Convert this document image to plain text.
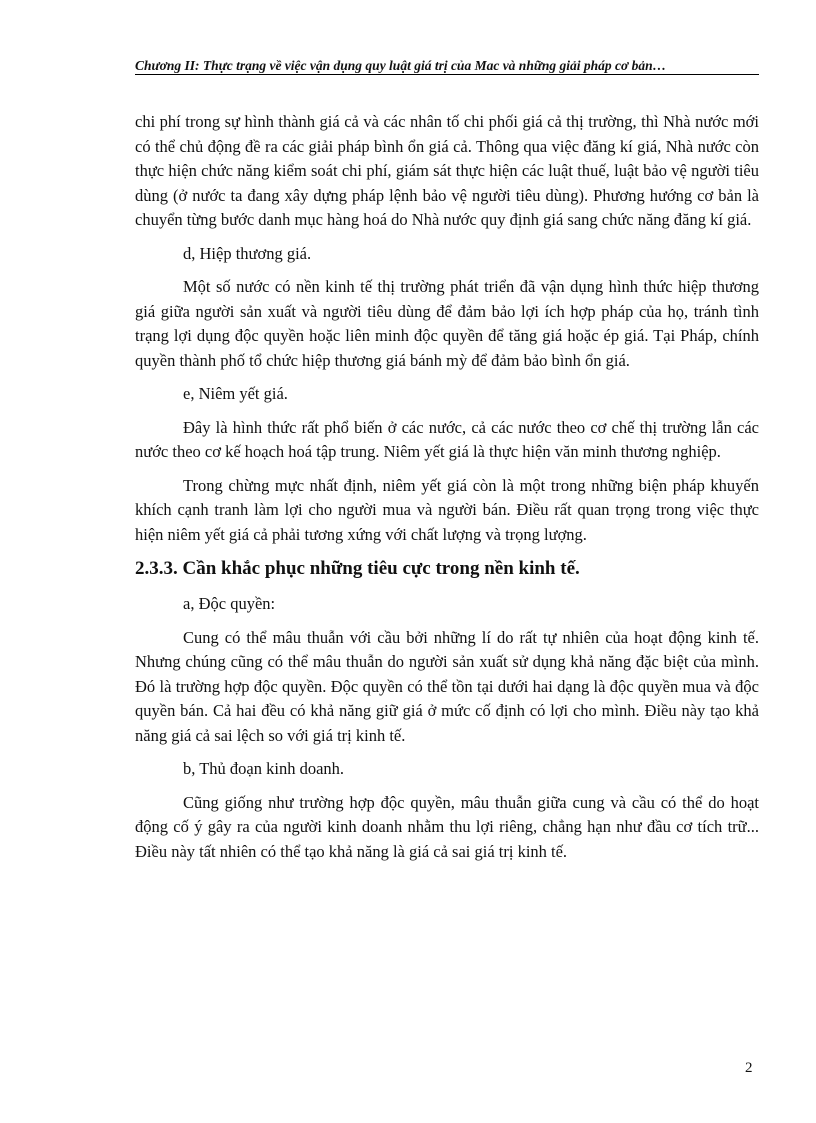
Chương II: Thực trạng về việc vận dụng quy luật giá trị của Mac và những giải pháp cơ bản…

chi phí trong sự hình thành giá cả và các nhân tố chi phối giá cả thị trường, thì Nhà nước mới có thể chủ động đề ra các giải pháp bình ổn giá cả. Thông qua việc đăng kí giá, Nhà nước còn thực hiện chức năng kiểm soát chi phí, giám sát thực hiện các luật thuế, luật bảo vệ người tiêu dùng (ở nước ta đang xây dựng pháp lệnh bảo vệ người tiêu dùng). Phương hướng cơ bản là chuyển từng bước danh mục hàng hoá do Nhà nước quy định giá sang chức năng đăng kí giá.

d, Hiệp thương giá.

Một số nước có nền kinh tế thị trường phát triển đã vận dụng hình thức hiệp thương giá giữa người sản xuất và người tiêu dùng để đảm bảo lợi ích hợp pháp của họ, tránh tình trạng lợi dụng độc quyền hoặc liên minh độc quyền để tăng giá hoặc ép giá. Tại Pháp, chính quyền thành phố tổ chức hiệp thương giá bánh mỳ để đảm bảo bình ổn giá.

e, Niêm yết giá.

Đây là hình thức rất phổ biến ở các nước, cả các nước theo cơ chế thị trường lẫn các nước theo cơ kế hoạch hoá tập trung. Niêm yết giá là thực hiện văn minh thương nghiệp.

Trong chừng mực nhất định, niêm yết giá còn là một trong những biện pháp khuyến khích cạnh tranh làm lợi cho người mua và người bán. Điều rất quan trọng trong việc thực hiện niêm yết giá cả phải tương xứng với chất lượng và trọng lượng.

2.3.3. Cần khắc phục những tiêu cực trong nền kinh tế.

a, Độc quyền:

Cung có thể mâu thuẫn với cầu bởi những lí do rất tự nhiên của hoạt động kinh tế. Nhưng chúng cũng có thể mâu thuẫn do người sản xuất sử dụng khả năng đặc biệt của mình. Đó là trường hợp độc quyền. Độc quyền có thể tồn tại dưới hai dạng là độc quyền mua và độc quyền bán. Cả hai đều có khả năng giữ giá ở mức cố định có lợi cho mình. Điều này tạo khả năng giá cả sai lệch so với giá trị kinh tế.

b, Thủ đoạn kinh doanh.

Cũng giống như trường hợp độc quyền, mâu thuẫn giữa cung và cầu có thể do hoạt động cố ý gây ra của người kinh doanh nhằm thu lợi riêng, chẳng hạn như đầu cơ tích trữ... Điều này tất nhiên có thể tạo khả năng là giá cả sai giá trị kinh tế.

2
